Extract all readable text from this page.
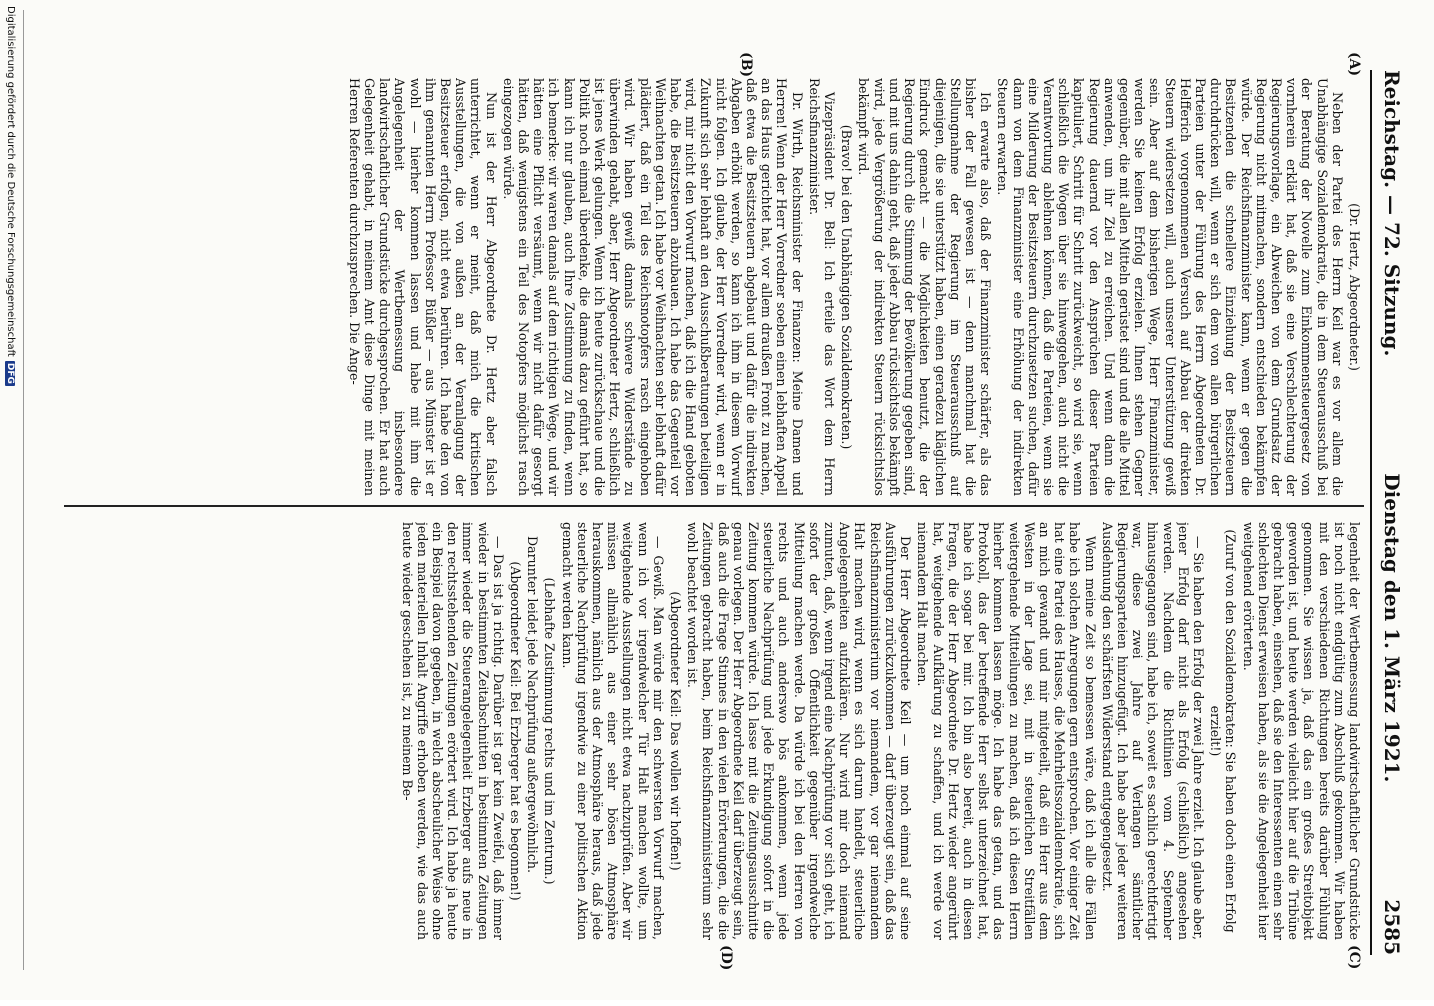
Reichstag. — 72. Sitzung.
Dienstag den 1. März 1921.
2585
(A)
(B)
(C)
(D)

(Dr. Hertz, Abgeordneter.)

Neben der Partei des Herrn Keil war es vor allem die Unabhängige Sozialdemokratie, die in dem Steuerausschuß bei der Beratung der Novelle zum Einkommensteuergesetz von vornherein erklärt hat, daß sie eine Verschlechterung der Regierungsvorlage, ein Abweichen von dem Grundsatz der Regierung nicht mitmachen, sondern entschieden bekämpfen würde. Der Reichsfinanzminister kann, wenn er gegen die Besitzenden die schnellere Einziehung der Besitzsteuern durchdrücken will, wenn er sich dem von allen bürgerlichen Parteien unter der Führung des Herrn Abgeordneten Dr. Helfferich vorgenommenen Versuch auf Abbau der direkten Steuern widersetzen will, auch unserer Unterstützung gewiß sein. Aber auf dem bisherigen Wege, Herr Finanzminister, werden Sie keinen Erfolg erzielen. Ihnen stehen Gegner gegenüber, die mit allen Mitteln gerüstet sind und die alle Mittel anwenden, um ihr Ziel zu erreichen. Und wenn dann die Regierung dauernd vor den Ansprüchen dieser Parteien kapituliert, Schritt für Schritt zurückweicht, so wird sie, wenn schließlich die Wogen über sie hinweggehen, auch nicht die Verantwortung ablehnen können, daß die Parteien, wenn sie eine Milderung der Besitzsteuern durchzusetzen suchen, dafür dann von dem Finanzminister eine Erhöhung der indirekten Steuern erwarten.

Ich erwarte also, daß der Finanzminister schärfer, als das bisher der Fall gewesen ist — denn manchmal hat die Stellungnahme der Regierung im Steuerausschuß auf diejenigen, die sie unterstützt haben, einen geradezu kläglichen Eindruck gemacht — die Möglichkeiten benutzt, die der Regierung durch die Stimmung der Bevölkerung gegeben sind, und mit uns dahin geht, daß jeder Abbau rücksichtslos bekämpft wird, jede Vergrößerung der indirekten Steuern rücksichtslos bekämpft wird.

(Bravo! bei den Unabhängigen Sozialdemokraten.)

Vizepräsident Dr. Bell: Ich erteile das Wort dem Herrn Reichsfinanzminister.

Dr. Wirth, Reichsminister der Finanzen: Meine Damen und Herren! Wenn der Herr Vorredner soeben einen lebhaften Appell an das Haus gerichtet hat, vor allem draußen Front zu machen, daß etwa die Besitzsteuern abgebaut und dafür die indirekten Abgaben erhöht werden, so kann ich ihm in diesem Vorwurf nicht folgen. Ich glaube, der Herr Vorredner wird, wenn er in Zukunft sich sehr lebhaft an den Ausschußberatungen beteiligen wird, mir nicht den Vorwurf machen, daß ich die Hand geboten habe, die Besitzsteuern abzubauen. Ich habe das Gegenteil vor Weihnachten getan. Ich habe vor Weihnachten sehr lebhaft dafür plädiert, daß ein Teil des Reichsnotopfers rasch eingehoben wird. Wir haben gewiß damals schwere Widerstände zu überwinden gehabt, aber, Herr Abgeordneter Hertz, schließlich ist jenes Werk gelungen. Wenn ich heute zurückschaue und die Politik noch einmal überdenke, die damals dazu geführt hat, so kann ich nur glauben, auch Ihre Zustimmung zu finden, wenn ich bemerke: wir waren damals auf dem richtigen Wege, und wir hätten eine Pflicht versäumt, wenn wir nicht dafür gesorgt hätten, daß wenigstens ein Teil des Notopfers möglichst rasch eingezogen würde.

Nun ist der Herr Abgeordnete Dr. Hertz aber falsch unterrichtet, wenn er meint, daß mich die kritischen Ausstellungen, die von außen an der Veranlagung der Besitzsteuer erfolgen, nicht etwa berühren. Ich habe den von ihm genannten Herrn Professor Büßler — aus Münster ist er wohl — hierher kommen lassen und habe mit ihm die Angelegenheit der Wertbemessung insbesondere landwirtschaftlicher Grundstücke durchgesprochen. Er hat auch Gelegenheit gehabt, in meinem Amt diese Dinge mit meinen Herren Referenten durchzusprechen. Die Ange-

legenheit der Wertbemessung landwirtschaftlicher Grundstücke ist noch nicht endgültig zum Abschluß gekommen. Wir haben mit den verschiedenen Richtungen bereits darüber Fühlung genommen. Sie wissen ja, daß das ein großes Streitobjekt geworden ist, und heute werden vielleicht hier auf die Tribüne gebracht haben, einsehen, daß sie den Interessenten einen sehr schlechten Dienst erweisen haben, als sie die Angelegenheit hier weitgehend erörterten.

(Zuruf von den Sozialdemokraten: Sie haben doch einen Erfolg erzielt!)

— Sie haben den Erfolg der zwei Jahre erzielt. Ich glaube aber, jener Erfolg darf nicht als Erfolg (schließlich) angesehen werden. Nachdem die Richtlinien vom 4. September hinausgegangen sind, habe ich, soweit es sachlich gerechtfertigt war, diese zwei Jahre auf Verlangen sämtlicher Regierungsparteien hinzugefügt. Ich habe aber jeder weiteren Ausdehnung den schärfsten Widerstand entgegengesetzt.

Wenn meine Zeit so bemessen wäre, daß ich alle die Fällen habe ich solchen Anregungen gern entsprochen. Vor einiger Zeit hat eine Partei des Hauses, die Mehrheitssozialdemokratie, sich an mich gewandt und mir mitgeteilt, daß ein Herr aus dem Westen in der Lage sei, mit in steuerlichen Streitfällen weitergehende Mitteilungen zu machen, daß ich diesen Herrn hierher kommen lassen möge. Ich habe das getan, und das Protokoll, das der betreffende Herr selbst unterzeichnet hat, habe ich sogar bei mir. Ich bin also bereit, auch in diesen Fragen, die der Herr Abgeordnete Dr. Hertz wieder angerührt hat, weitgehende Aufklärung zu schaffen, und ich werde vor niemandem Halt machen.

Der Herr Abgeordnete Keil — um noch einmal auf seine Ausführungen zurückzukommen — darf überzeugt sein, daß das Reichsfinanzministerium vor niemandem, vor gar niemandem Halt machen wird, wenn es sich darum handelt, steuerliche Angelegenheiten aufzuklären. Nur wird mir doch niemand zumuten, daß, wenn irgend eine Nachprüfung vor sich geht, ich sofort der großen Öffentlichkeit gegenüber irgendwelche Mitteilung machen werde. Da würde ich bei den Herren von rechts und auch anderswo bös ankommen, wenn jede steuerliche Nachprüfung und jede Erkundigung sofort in die Zeitung kommen würde. Ich lasse mit die Zeitungsausschnitte genau vorlegen. Der Herr Abgeordnete Keil darf überzeugt sein, daß auch die Frage Stinnes in den vielen Erörterungen, die die Zeitungen gebracht haben, beim Reichsfinanzministerium sehr wohl beachtet worden ist.

(Abgeordneter Keil: Das wollen wir hoffen!)

— Gewiß. Man würde mir den schwersten Vorwurf machen, wenn ich vor irgendwelcher Tür Halt machen wollte, um weitgehende Ausstellungen nicht etwa nachzuprüfen. Aber wir müssen allmählich aus einer sehr bösen Atmosphäre herauskommen, nämlich aus der Atmosphäre heraus, daß jede steuerliche Nachprüfung irgendwie zu einer politischen Aktion gemacht werden kann.

(Lebhafte Zustimmung rechts und im Zentrum.)

Darunter leidet jede Nachprüfung außergewöhnlich.

(Abgeordneter Keil: Bei Erzberger hat es begonnen!)

— Das ist ja richtig. Darüber ist gar kein Zweifel, daß immer wieder in bestimmten Zeitabschnitten in bestimmten Zeitungen immer wieder die Steuerangelegenheit Erzberger aufs neue in den rechtsstehenden Zeitungen erörtert wird. Ich habe ja heute ein Beispiel davon gegeben, in welch abscheulicher Weise ohne jeden materiellen Inhalt Angriffe erhoben werden, wie das auch heute wieder geschehen ist, zu meinem Be-

Digitalisierung gefördert durch die Deutsche Forschungsgemeinschaft
DFG
